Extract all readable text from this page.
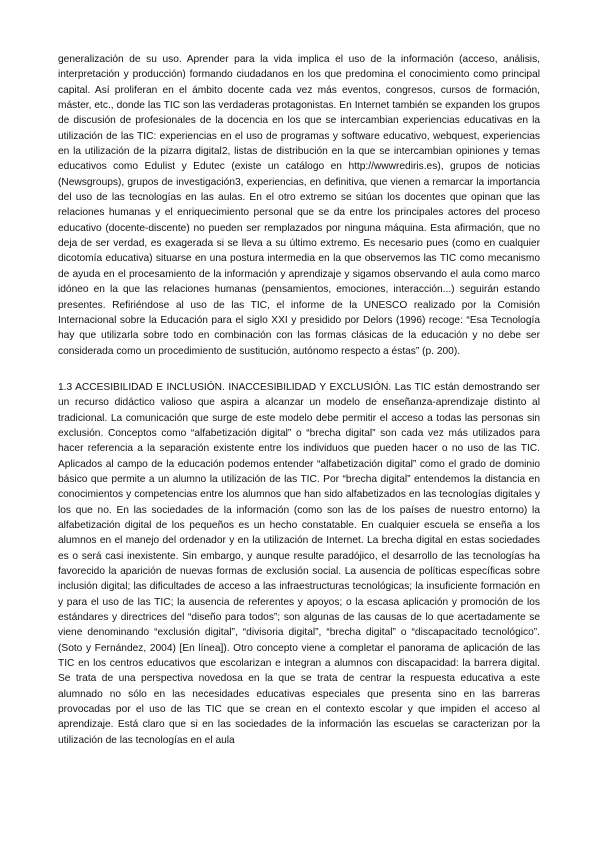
generalización de su uso. Aprender para la vida implica el uso de la información (acceso, análisis, interpretación y producción) formando ciudadanos en los que predomina el conocimiento como principal capital. Así proliferan en el ámbito docente cada vez más eventos, congresos, cursos de formación, máster, etc., donde las TIC son las verdaderas protagonistas. En Internet también se expanden los grupos de discusión de profesionales de la docencia en los que se intercambian experiencias educativas en la utilización de las TIC: experiencias en el uso de programas y software educativo, webquest, experiencias en la utilización de la pizarra digital2, listas de distribución en la que se intercambian opiniones y temas educativos como Edulist y Edutec (existe un catálogo en http://wwwrediris.es), grupos de noticias (Newsgroups), grupos de investigación3, experiencias, en definitiva, que vienen a remarcar la importancia del uso de las tecnologías en las aulas. En el otro extremo se sitúan los docentes que opinan que las relaciones humanas y el enriquecimiento personal que se da entre los principales actores del proceso educativo (docente-discente) no pueden ser remplazados por ninguna máquina. Esta afirmación, que no deja de ser verdad, es exagerada si se lleva a su último extremo. Es necesario pues (como en cualquier dicotomía educativa) situarse en una postura intermedia en la que observemos las TIC como mecanismo de ayuda en el procesamiento de la información y aprendizaje y sigamos observando el aula como marco idóneo en la que las relaciones humanas (pensamientos, emociones, interacción...) seguirán estando presentes. Refiriéndose al uso de las TIC, el informe de la UNESCO realizado por la Comisión Internacional sobre la Educación para el siglo XXI y presidido por Delors (1996) recoge: “Esa Tecnología hay que utilizarla sobre todo en combinación con las formas clásicas de la educación y no debe ser considerada como un procedimiento de sustitución, autónomo respecto a éstas” (p. 200).

1.3 ACCESIBILIDAD E INCLUSIÓN. INACCESIBILIDAD Y EXCLUSIÓN. Las TIC están demostrando ser un recurso didáctico valioso que aspira a alcanzar un modelo de enseñanza-aprendizaje distinto al tradicional. La comunicación que surge de este modelo debe permitir el acceso a todas las personas sin exclusión. Conceptos como “alfabetización digital” o “brecha digital” son cada vez más utilizados para hacer referencia a la separación existente entre los individuos que pueden hacer o no uso de las TIC. Aplicados al campo de la educación podemos entender “alfabetización digital” como el grado de dominio básico que permite a un alumno la utilización de las TIC. Por “brecha digital” entendemos la distancia en conocimientos y competencias entre los alumnos que han sido alfabetizados en las tecnologías digitales y los que no. En las sociedades de la información (como son las de los países de nuestro entorno) la alfabetización digital de los pequeños es un hecho constatable. En cualquier escuela se enseña a los alumnos en el manejo del ordenador y en la utilización de Internet. La brecha digital en estas sociedades es o será casi inexistente. Sin embargo, y aunque resulte paradójico, el desarrollo de las tecnologías ha favorecido la aparición de nuevas formas de exclusión social. La ausencia de políticas específicas sobre inclusión digital; las dificultades de acceso a las infraestructuras tecnológicas; la insuficiente formación en y para el uso de las TIC; la ausencia de referentes y apoyos; o la escasa aplicación y promoción de los estándares y directrices del “diseño para todos”; son algunas de las causas de lo que acertadamente se viene denominando “exclusión digital”, “divisoria digital”, “brecha digital” o “discapacitado tecnológico”. (Soto y Fernández, 2004) [En línea]). Otro concepto viene a completar el panorama de aplicación de las TIC en los centros educativos que escolarizan e integran a alumnos con discapacidad: la barrera digital. Se trata de una perspectiva novedosa en la que se trata de centrar la respuesta educativa a este alumnado no sólo en las necesidades educativas especiales que presenta sino en las barreras provocadas por el uso de las TIC que se crean en el contexto escolar y que impiden el acceso al aprendizaje. Está claro que si en las sociedades de la información las escuelas se caracterizan por la utilización de las tecnologías en el aula
